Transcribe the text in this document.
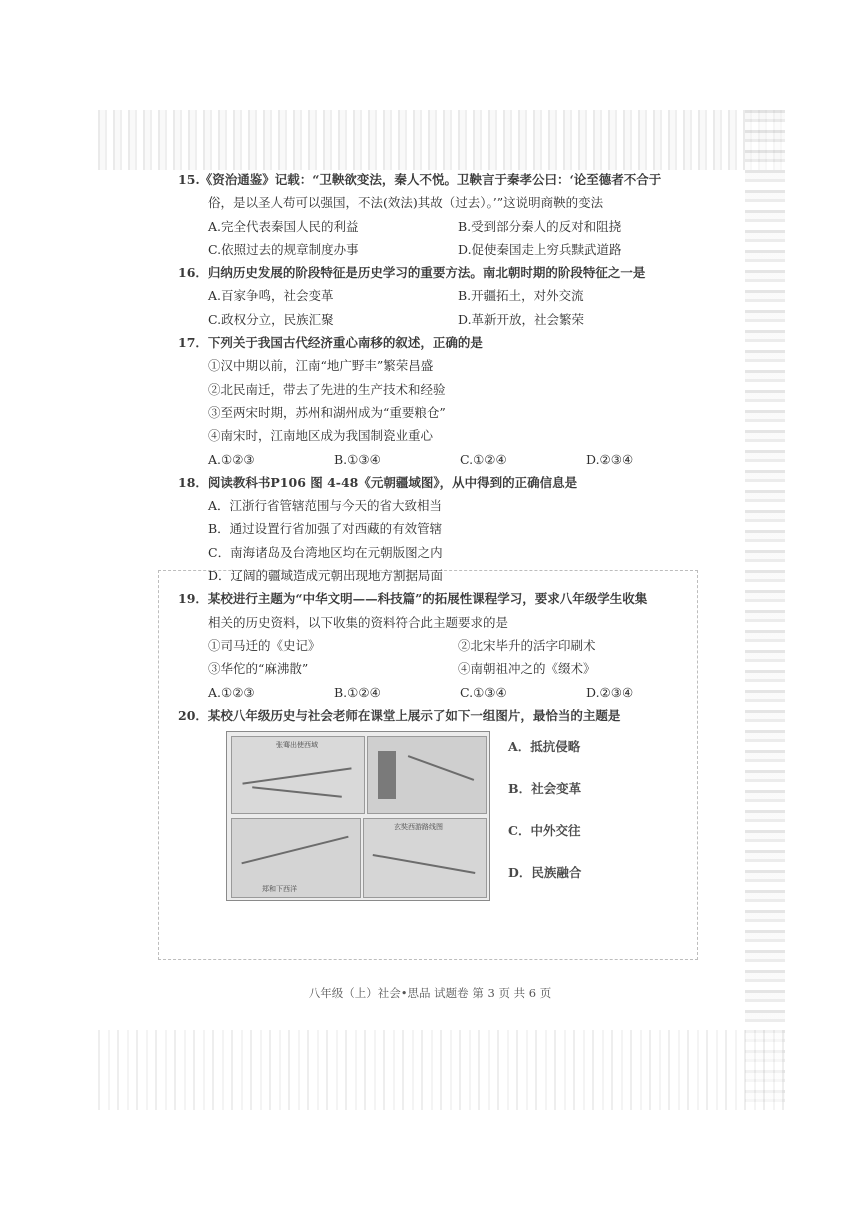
15.《资治通鉴》记载：“卫鞅欲变法，秦人不悦。卫鞅言于秦孝公曰：‘论至德者不合于
俗，是以圣人苟可以强国，不法(效法)其故（过去）。’”这说明商鞅的变法
A.完全代表秦国人民的利益	B.受到部分秦人的反对和阻挠
C.依照过去的规章制度办事	D.促使秦国走上穷兵黩武道路
16．归纳历史发展的阶段特征是历史学习的重要方法。南北朝时期的阶段特征之一是
A.百家争鸣，社会变革	B.开疆拓土，对外交流
C.政权分立，民族汇聚	D.革新开放，社会繁荣
17．下列关于我国古代经济重心南移的叙述，正确的是
①汉中期以前，江南“地广野丰”繁荣昌盛
②北民南迁，带去了先进的生产技术和经验
③至两宋时期，苏州和湖州成为“重要粮仓”
④南宋时，江南地区成为我国制瓷业重心
A.①②③	B.①③④	C.①②④	D.②③④
18．阅读教科书P106 图 4-48《元朝疆域图》，从中得到的正确信息是
A．江浙行省管辖范围与今天的省大致相当
B．通过设置行省加强了对西藏的有效管辖
C．南海诸岛及台湾地区均在元朝版图之内
D．辽阔的疆域造成元朝出现地方割据局面
19．某校进行主题为“中华文明——科技篇”的拓展性课程学习，要求八年级学生收集
相关的历史资料，以下收集的资料符合此主题要求的是
①司马迁的《史记》	②北宋毕升的活字印刷术
③华佗的“麻沸散”	④南朝祖冲之的《缀术》
A.①②③	B.①②④	C.①③④	D.②③④
20．某校八年级历史与社会老师在课堂上展示了如下一组图片，最恰当的主题是
张骞出使西域
郑和下西洋
玄奘西游路线图
A．抵抗侵略
B．社会变革
C．中外交往
D．民族融合
八年级（上）社会•思品 试题卷 第 3 页 共 6 页
